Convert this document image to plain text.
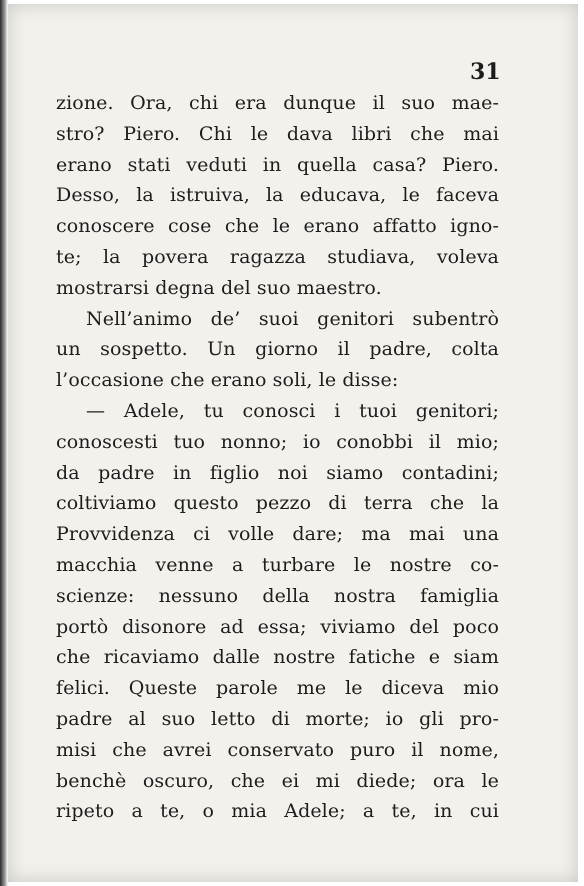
31
zione. Ora, chi era dunque il suo mae-
stro? Piero. Chi le dava libri che mai
erano stati veduti in quella casa? Piero.
Desso, la istruiva, la educava, le faceva
conoscere cose che le erano affatto igno-
te; la povera ragazza studiava, voleva
mostrarsi degna del suo maestro.
Nell’animo de’ suoi genitori subentrò
un sospetto. Un giorno il padre, colta
l’occasione che erano soli, le disse:
— Adele, tu conosci i tuoi genitori;
conoscesti tuo nonno; io conobbi il mio;
da padre in figlio noi siamo contadini;
coltiviamo questo pezzo di terra che la
Provvidenza ci volle dare; ma mai una
macchia venne a turbare le nostre co-
scienze: nessuno della nostra famiglia
portò disonore ad essa; viviamo del poco
che ricaviamo dalle nostre fatiche e siam
felici. Queste parole me le diceva mio
padre al suo letto di morte; io gli pro-
misi che avrei conservato puro il nome,
benchè oscuro, che ei mi diede; ora le
ripeto a te, o mia Adele; a te, in cui
